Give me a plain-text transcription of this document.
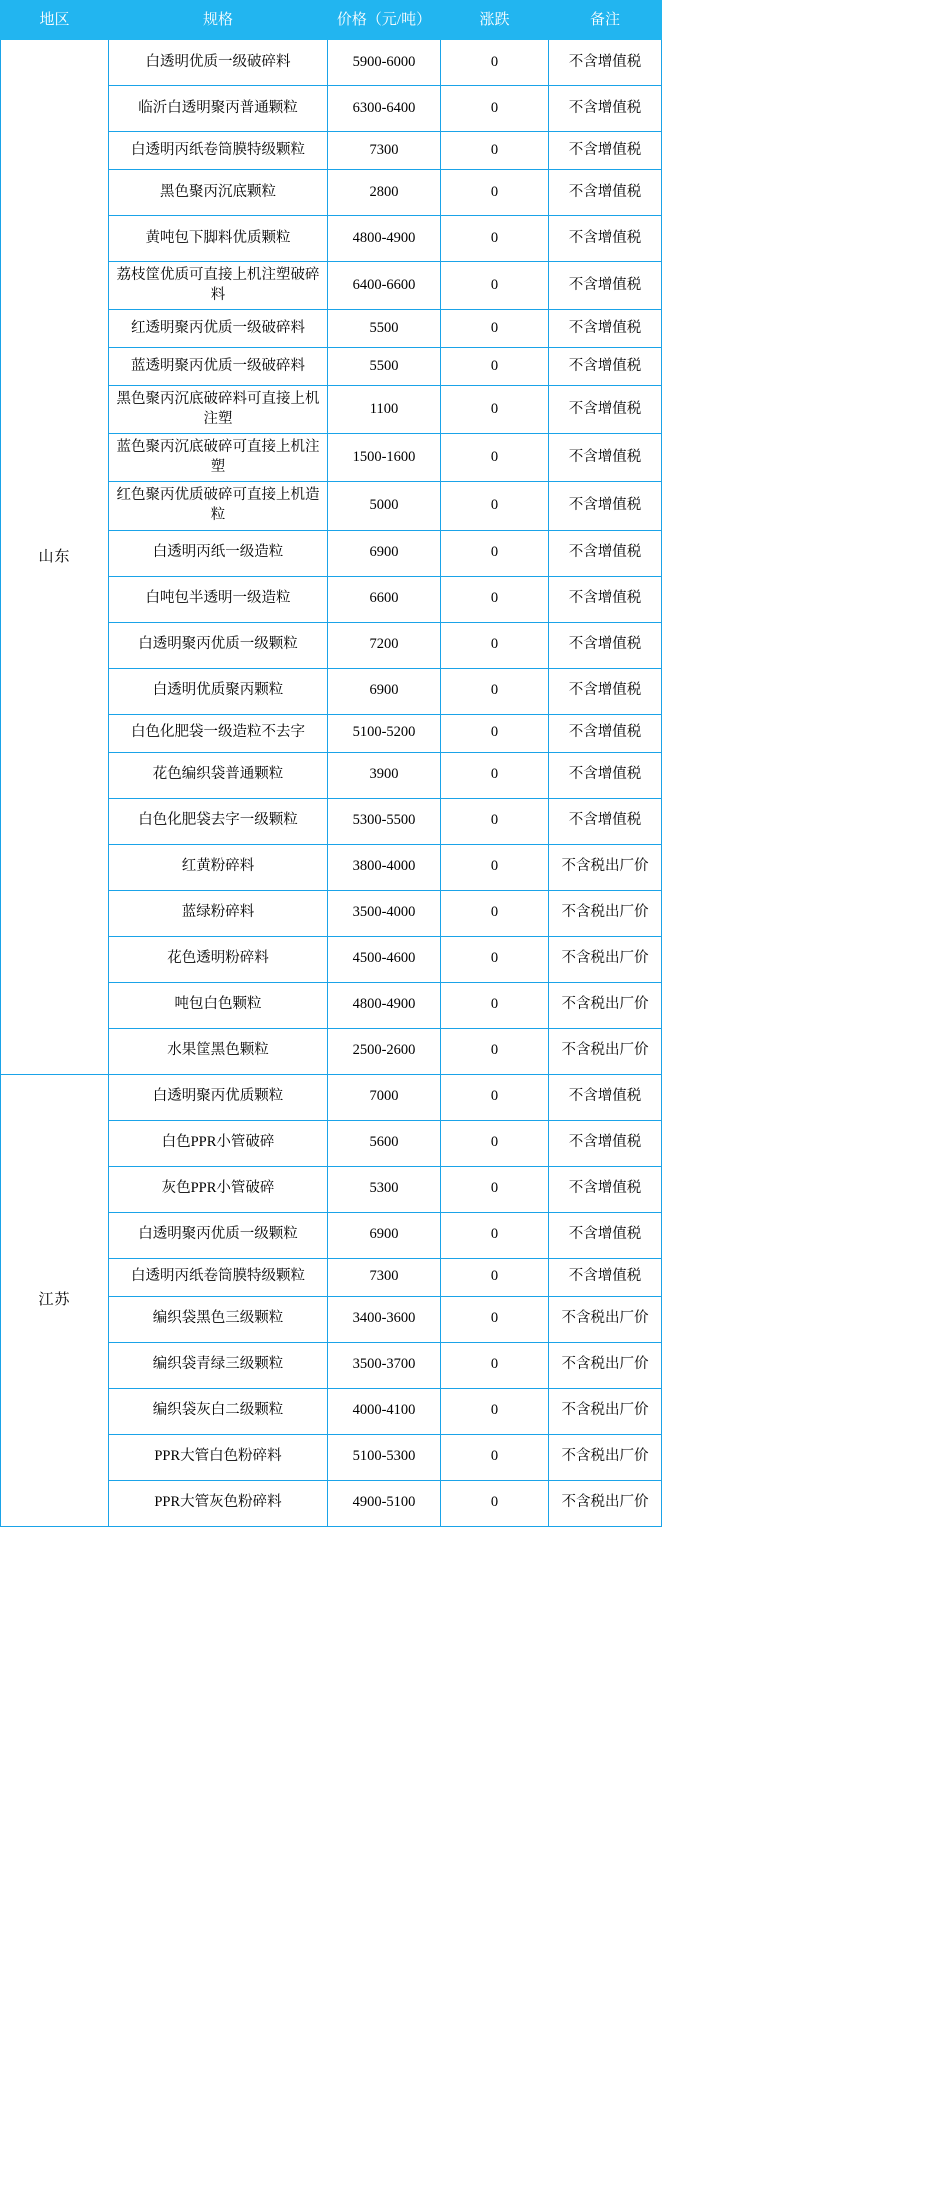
地区	规格	价格（元/吨）	涨跌	备注
山东	白透明优质一级破碎料	5900-6000	0	不含增值税
	临沂白透明聚丙普通颗粒	6300-6400	0	不含增值税
	白透明丙纸卷筒膜特级颗粒	7300	0	不含增值税
	黑色聚丙沉底颗粒	2800	0	不含增值税
	黄吨包下脚料优质颗粒	4800-4900	0	不含增值税
	荔枝筐优质可直接上机注塑破碎料	6400-6600	0	不含增值税
	红透明聚丙优质一级破碎料	5500	0	不含增值税
	蓝透明聚丙优质一级破碎料	5500	0	不含增值税
	黑色聚丙沉底破碎料可直接上机注塑	1100	0	不含增值税
	蓝色聚丙沉底破碎可直接上机注塑	1500-1600	0	不含增值税
	红色聚丙优质破碎可直接上机造粒	5000	0	不含增值税
	白透明丙纸一级造粒	6900	0	不含增值税
	白吨包半透明一级造粒	6600	0	不含增值税
	白透明聚丙优质一级颗粒	7200	0	不含增值税
	白透明优质聚丙颗粒	6900	0	不含增值税
	白色化肥袋一级造粒不去字	5100-5200	0	不含增值税
	花色编织袋普通颗粒	3900	0	不含增值税
	白色化肥袋去字一级颗粒	5300-5500	0	不含增值税
	红黄粉碎料	3800-4000	0	不含税出厂价
	蓝绿粉碎料	3500-4000	0	不含税出厂价
	花色透明粉碎料	4500-4600	0	不含税出厂价
	吨包白色颗粒	4800-4900	0	不含税出厂价
	水果筐黑色颗粒	2500-2600	0	不含税出厂价
江苏	白透明聚丙优质颗粒	7000	0	不含增值税
	白色PPR小管破碎	5600	0	不含增值税
	灰色PPR小管破碎	5300	0	不含增值税
	白透明聚丙优质一级颗粒	6900	0	不含增值税
	白透明丙纸卷筒膜特级颗粒	7300	0	不含增值税
	编织袋黑色三级颗粒	3400-3600	0	不含税出厂价
	编织袋青绿三级颗粒	3500-3700	0	不含税出厂价
	编织袋灰白二级颗粒	4000-4100	0	不含税出厂价
	PPR大管白色粉碎料	5100-5300	0	不含税出厂价
	PPR大管灰色粉碎料	4900-5100	0	不含税出厂价
